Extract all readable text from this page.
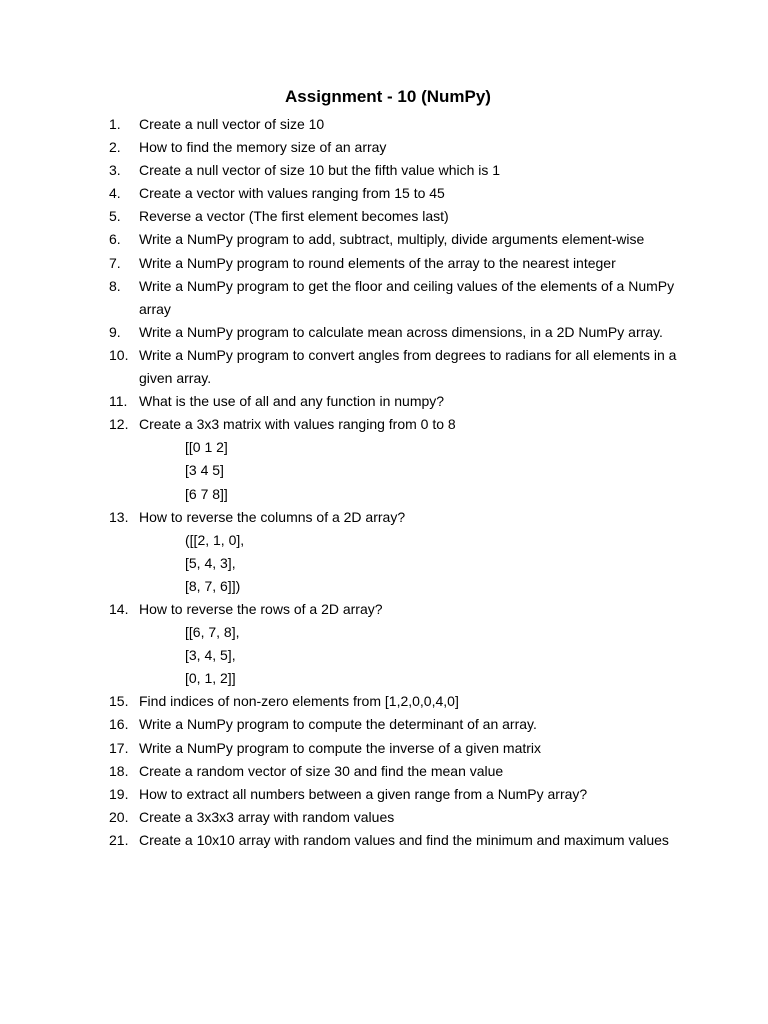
Assignment - 10 (NumPy)
1.	Create a null vector of size 10
2.	How to find the memory size of an array
3.	Create a null vector of size 10 but the fifth value which is 1
4.	Create a vector with values ranging from 15 to 45
5.	Reverse a vector (The first element becomes last)
6.	Write a NumPy program to add, subtract, multiply, divide arguments element-wise
7.	Write a NumPy program to round elements of the array to the nearest integer
8.	Write a NumPy program to get the floor and ceiling values of the elements of a NumPy array
9.	Write a NumPy program to calculate mean across dimensions, in a 2D NumPy array.
10. Write a NumPy program to convert angles from degrees to radians for all elements in a given array.
11. What is the use of all and any function in numpy?
12. Create a 3x3 matrix with values ranging from 0 to 8
[[0 1 2]
[3 4 5]
[6 7 8]]
13. How to reverse the columns of a 2D array?
([[2, 1, 0],
[5, 4, 3],
[8, 7, 6]])
14. How to reverse the rows of a 2D array?
[[6, 7, 8],
[3, 4, 5],
[0, 1, 2]]
15. Find indices of non-zero elements from [1,2,0,0,4,0]
16. Write a NumPy program to compute the determinant of an array.
17. Write a NumPy program to compute the inverse of a given matrix
18. Create a random vector of size 30 and find the mean value
19. How to extract all numbers between a given range from a NumPy array?
20. Create a 3x3x3 array with random values
21. Create a 10x10 array with random values and find the minimum and maximum values
